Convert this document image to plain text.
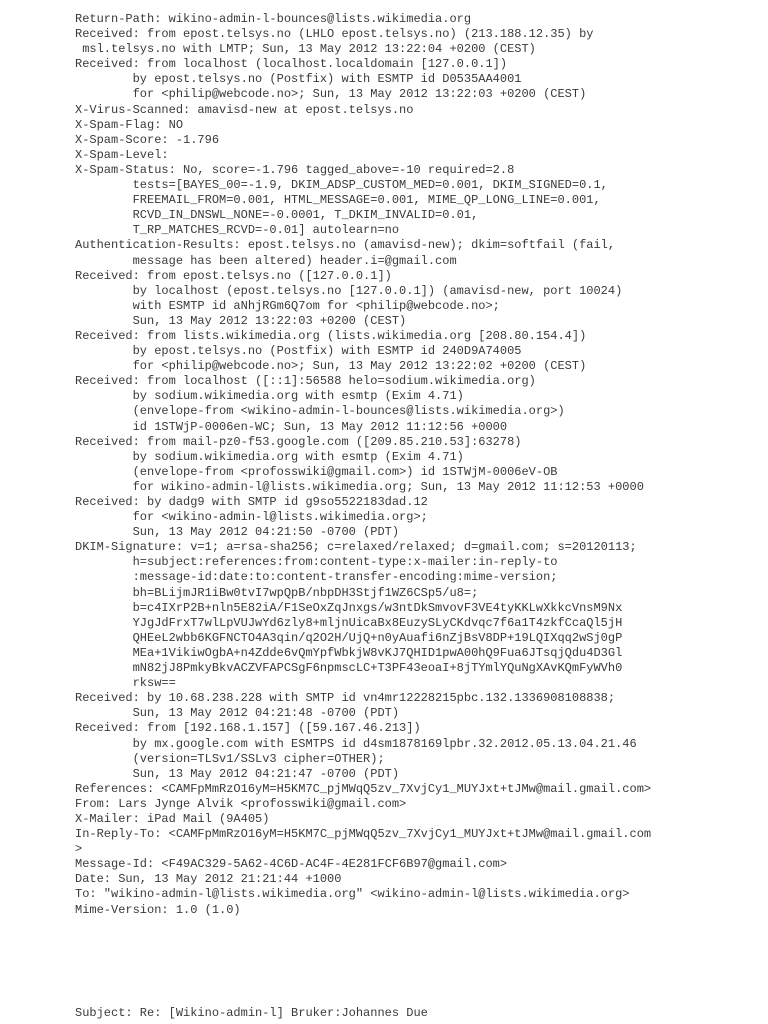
Return-Path: wikino-admin-l-bounces@lists.wikimedia.org
Received: from epost.telsys.no (LHLO epost.telsys.no) (213.188.12.35) by
msl.telsys.no with LMTP; Sun, 13 May 2012 13:22:04 +0200 (CEST)
Received: from localhost (localhost.localdomain [127.0.0.1])
by epost.telsys.no (Postfix) with ESMTP id D0535AA4001
for <philip@webcode.no>; Sun, 13 May 2012 13:22:03 +0200 (CEST)
X-Virus-Scanned: amavisd-new at epost.telsys.no
X-Spam-Flag: NO
X-Spam-Score: -1.796
X-Spam-Level:
X-Spam-Status: No, score=-1.796 tagged_above=-10 required=2.8
tests=[BAYES_00=-1.9, DKIM_ADSP_CUSTOM_MED=0.001, DKIM_SIGNED=0.1,
FREEMAIL_FROM=0.001, HTML_MESSAGE=0.001, MIME_QP_LONG_LINE=0.001,
RCVD_IN_DNSWL_NONE=-0.0001, T_DKIM_INVALID=0.01,
T_RP_MATCHES_RCVD=-0.01] autolearn=no
Authentication-Results: epost.telsys.no (amavisd-new); dkim=softfail (fail,
message has been altered) header.i=@gmail.com
Received: from epost.telsys.no ([127.0.0.1])
by localhost (epost.telsys.no [127.0.0.1]) (amavisd-new, port 10024)
with ESMTP id aNhjRGm6Q7om for <philip@webcode.no>;
Sun, 13 May 2012 13:22:03 +0200 (CEST)
Received: from lists.wikimedia.org (lists.wikimedia.org [208.80.154.4])
by epost.telsys.no (Postfix) with ESMTP id 240D9A74005
for <philip@webcode.no>; Sun, 13 May 2012 13:22:02 +0200 (CEST)
Received: from localhost ([::1]:56588 helo=sodium.wikimedia.org)
by sodium.wikimedia.org with esmtp (Exim 4.71)
(envelope-from <wikino-admin-l-bounces@lists.wikimedia.org>)
id 1STWjP-0006en-WC; Sun, 13 May 2012 11:12:56 +0000
Received: from mail-pz0-f53.google.com ([209.85.210.53]:63278)
by sodium.wikimedia.org with esmtp (Exim 4.71)
(envelope-from <profosswiki@gmail.com>) id 1STWjM-0006eV-OB
for wikino-admin-l@lists.wikimedia.org; Sun, 13 May 2012 11:12:53 +0000
Received: by dadg9 with SMTP id g9so5522183dad.12
for <wikino-admin-l@lists.wikimedia.org>;
Sun, 13 May 2012 04:21:50 -0700 (PDT)
DKIM-Signature: v=1; a=rsa-sha256; c=relaxed/relaxed; d=gmail.com; s=20120113;
h=subject:references:from:content-type:x-mailer:in-reply-to
:message-id:date:to:content-transfer-encoding:mime-version;
bh=BLijmJR1iBw0tvI7wpQpB/nbpDH3Stjf1WZ6CSp5/u8=;
b=c4IXrP2B+nln5E82iA/F1SeOxZqJnxgs/w3ntDkSmvovF3VE4tyKKLwXkkcVnsM9Nx
YJgJdFrxT7wlLpVUJwYd6zly8+mljnUicaBx8EuzySLyCKdvqc7f6a1T4zkfCcaQl5jH
QHEeL2wbb6KGFNCTO4A3qin/q2O2H/UjQ+n0yAuafi6nZjBsV8DP+19LQIXqq2wSj0gP
MEa+1VikiwOgbA+n4Zdde6vQmYpfWbkjW8vKJ7QHID1pwA00hQ9Fua6JTsqjQdu4D3Gl
mN82jJ8PmkyBkvACZVFAPCSgF6npmscLC+T3PF43eoaI+8jTYmlYQuNgXAvKQmFyWVh0
rksw==
Received: by 10.68.238.228 with SMTP id vn4mr12228215pbc.132.1336908108838;
Sun, 13 May 2012 04:21:48 -0700 (PDT)
Received: from [192.168.1.157] ([59.167.46.213])
by mx.google.com with ESMTPS id d4sm1878169lpbr.32.2012.05.13.04.21.46
(version=TLSv1/SSLv3 cipher=OTHER);
Sun, 13 May 2012 04:21:47 -0700 (PDT)
References: <CAMFpMmRzO16yM=H5KM7C_pjMWqQ5zv_7XvjCy1_MUYJxt+tJMw@mail.gmail.com>
From: Lars Jynge Alvik <profosswiki@gmail.com>
X-Mailer: iPad Mail (9A405)
In-Reply-To: <CAMFpMmRzO16yM=H5KM7C_pjMWqQ5zv_7XvjCy1_MUYJxt+tJMw@mail.gmail.com
>
Message-Id: <F49AC329-5A62-4C6D-AC4F-4E281FCF6B97@gmail.com>
Date: Sun, 13 May 2012 21:21:44 +1000
To: "wikino-admin-l@lists.wikimedia.org" <wikino-admin-l@lists.wikimedia.org>
Mime-Version: 1.0 (1.0)
Subject: Re: [Wikino-admin-l] Bruker:Johannes Due
